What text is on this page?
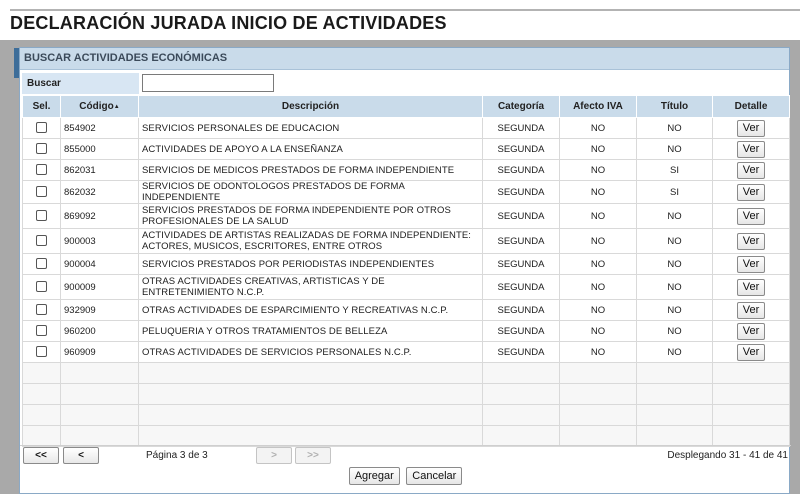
DECLARACIÓN JURADA INICIO DE ACTIVIDADES
BUSCAR ACTIVIDADES ECONÓMICAS
Buscar
Sel.	Código▲	Descripción	Categoría	Afecto IVA	Título	Detalle
	854902	SERVICIOS PERSONALES DE EDUCACION	SEGUNDA	NO	NO	Ver
	855000	ACTIVIDADES DE APOYO A LA ENSEÑANZA	SEGUNDA	NO	NO	Ver
	862031	SERVICIOS DE MEDICOS PRESTADOS DE FORMA INDEPENDIENTE	SEGUNDA	NO	SI	Ver
	862032	SERVICIOS DE ODONTOLOGOS PRESTADOS DE FORMA INDEPENDIENTE	SEGUNDA	NO	SI	Ver
	869092	SERVICIOS PRESTADOS DE FORMA INDEPENDIENTE POR OTROS PROFESIONALES DE LA SALUD	SEGUNDA	NO	NO	Ver
	900003	ACTIVIDADES DE ARTISTAS REALIZADAS DE FORMA INDEPENDIENTE: ACTORES, MUSICOS, ESCRITORES, ENTRE OTROS	SEGUNDA	NO	NO	Ver
	900004	SERVICIOS PRESTADOS POR PERIODISTAS INDEPENDIENTES	SEGUNDA	NO	NO	Ver
	900009	OTRAS ACTIVIDADES CREATIVAS, ARTISTICAS Y DE ENTRETENIMIENTO N.C.P.	SEGUNDA	NO	NO	Ver
	932909	OTRAS ACTIVIDADES DE ESPARCIMIENTO Y RECREATIVAS N.C.P.	SEGUNDA	NO	NO	Ver
	960200	PELUQUERIA Y OTROS TRATAMIENTOS DE BELLEZA	SEGUNDA	NO	NO	Ver
	960909	OTRAS ACTIVIDADES DE SERVICIOS PERSONALES N.C.P.	SEGUNDA	NO	NO	Ver

<<	<	Página 3 de 3	>	>>	Desplegando 31 - 41 de 41
Agregar Cancelar
